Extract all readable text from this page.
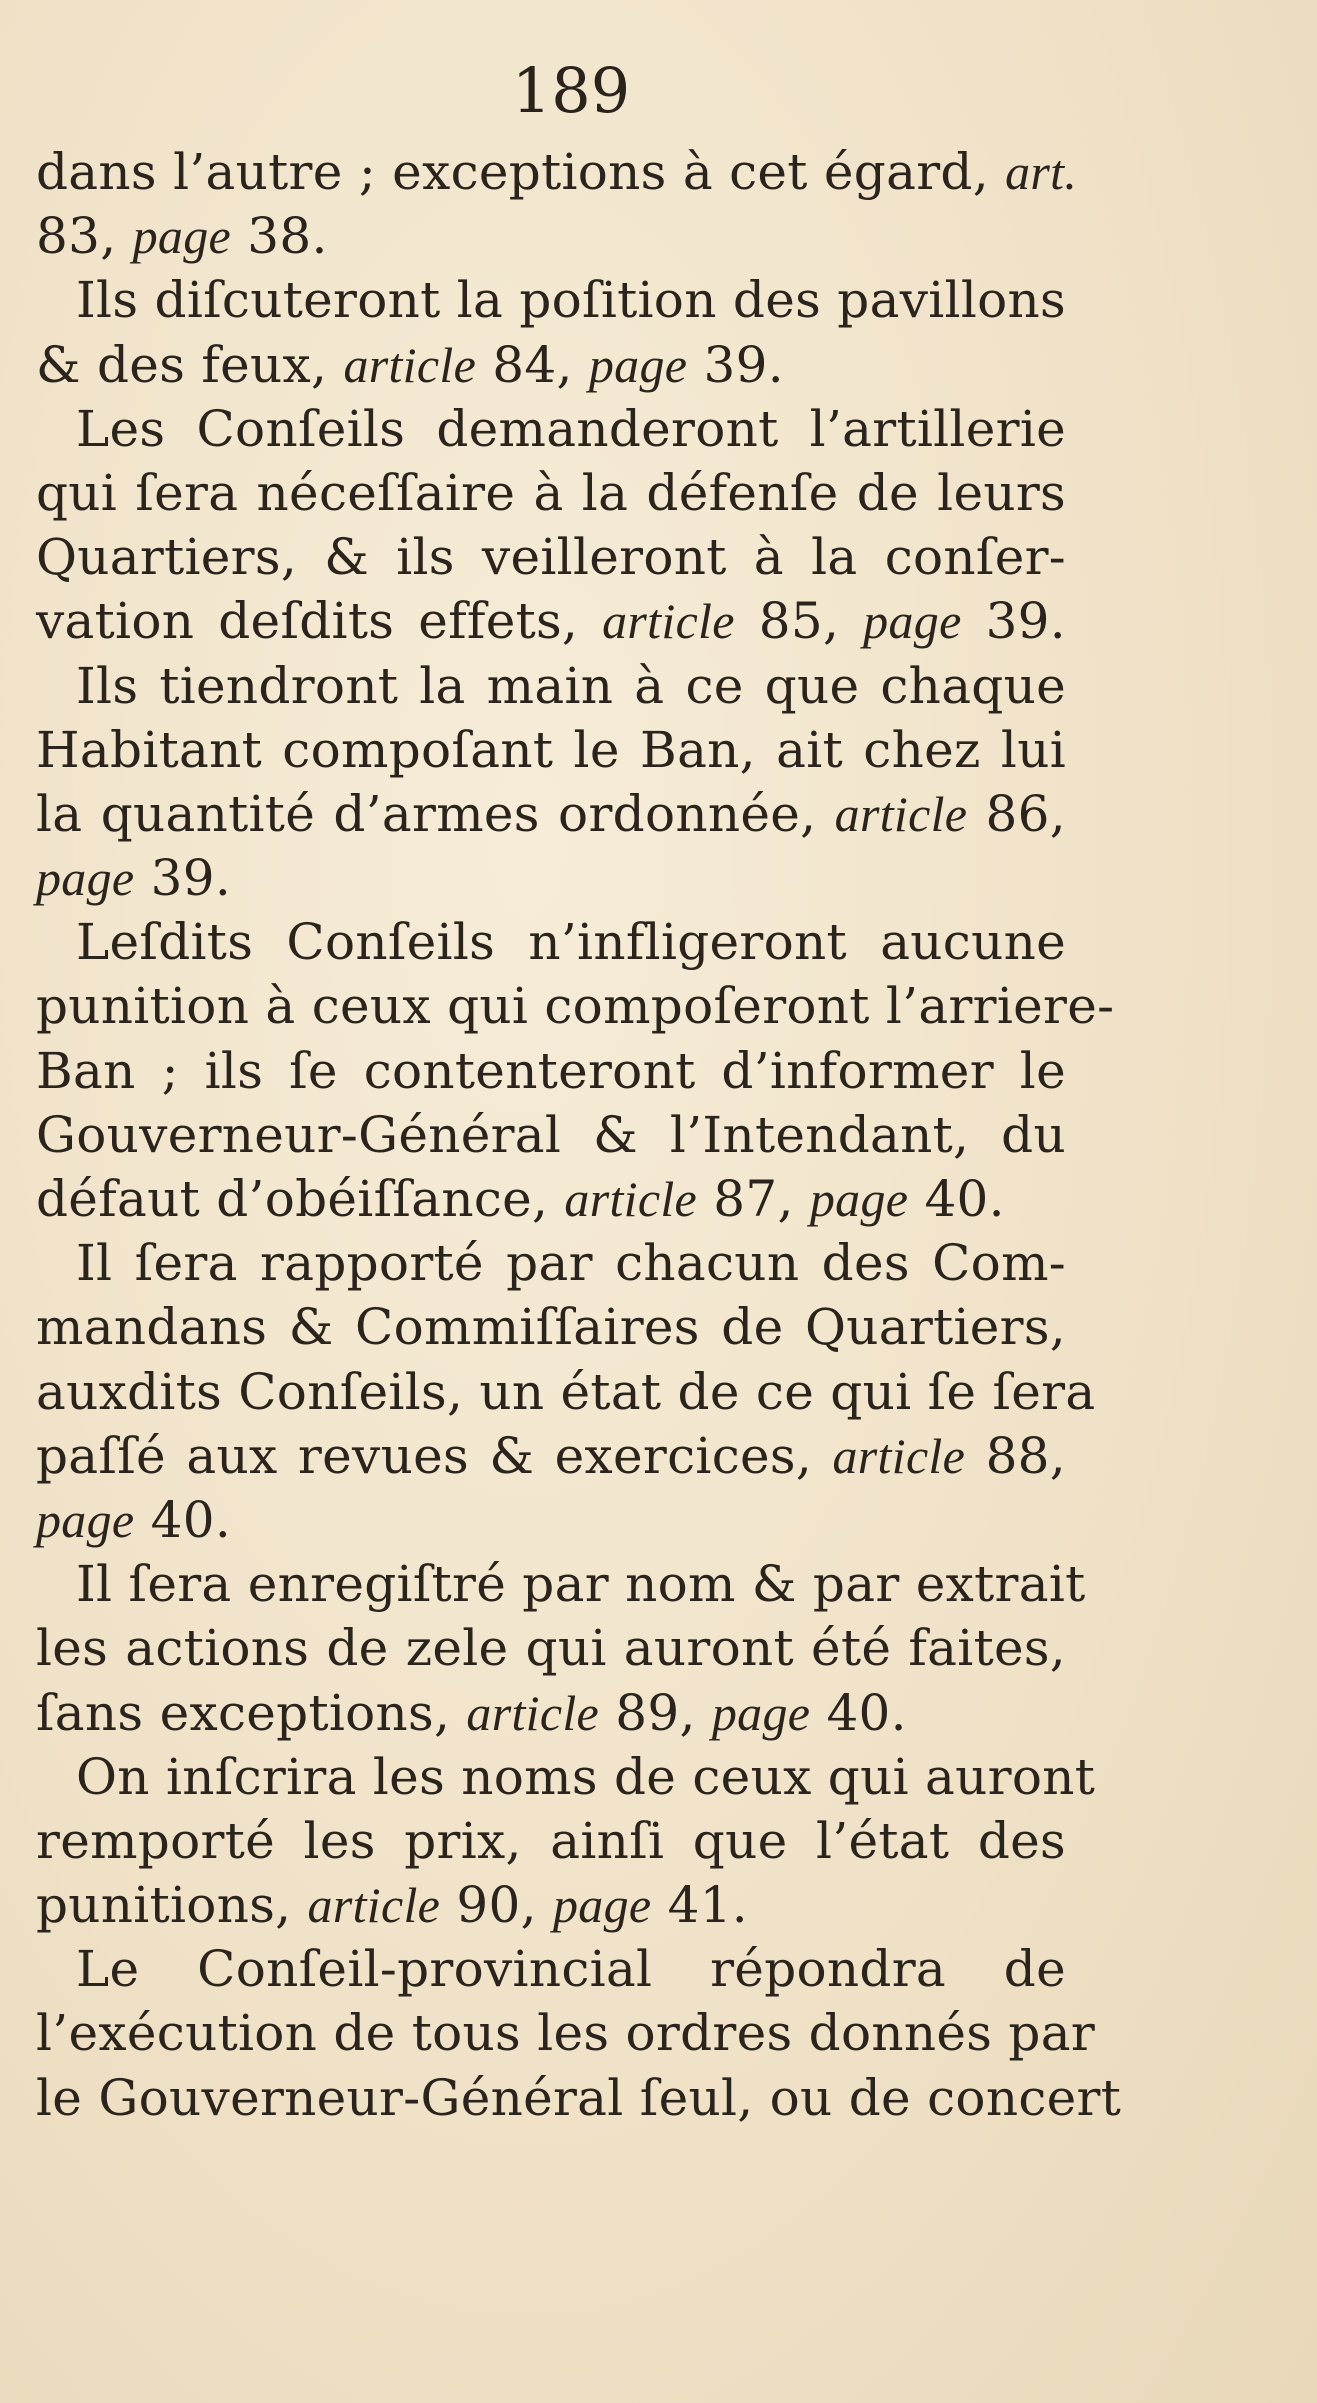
189
dans l’autre ; exceptions à cet égard, art.
83, page 38.
Ils diſcuteront la poſition des pavillons
& des feux, article 84, page 39.
Les Conſeils demanderont l’artillerie
qui ſera néceſſaire à la défenſe de leurs
Quartiers, & ils veilleront à la conſer-
vation deſdits effets, article 85, page 39.
Ils tiendront la main à ce que chaque
Habitant compoſant le Ban, ait chez lui
la quantité d’armes ordonnée, article 86,
page 39.
Leſdits Conſeils n’infligeront aucune
punition à ceux qui compoſeront l’arriere-
Ban ; ils ſe contenteront d’informer le
Gouverneur-Général & l’Intendant, du
défaut d’obéiſſance, article 87, page 40.
Il ſera rapporté par chacun des Com-
mandans & Commiſſaires de Quartiers,
auxdits Conſeils, un état de ce qui ſe ſera
paſſé aux revues & exercices, article 88,
page 40.
Il ſera enregiſtré par nom & par extrait
les actions de zele qui auront été faites,
ſans exceptions, article 89, page 40.
On inſcrira les noms de ceux qui auront
remporté les prix, ainſi que l’état des
punitions, article 90, page 41.
Le Conſeil-provincial répondra de
l’exécution de tous les ordres donnés par
le Gouverneur-Général ſeul, ou de concert
